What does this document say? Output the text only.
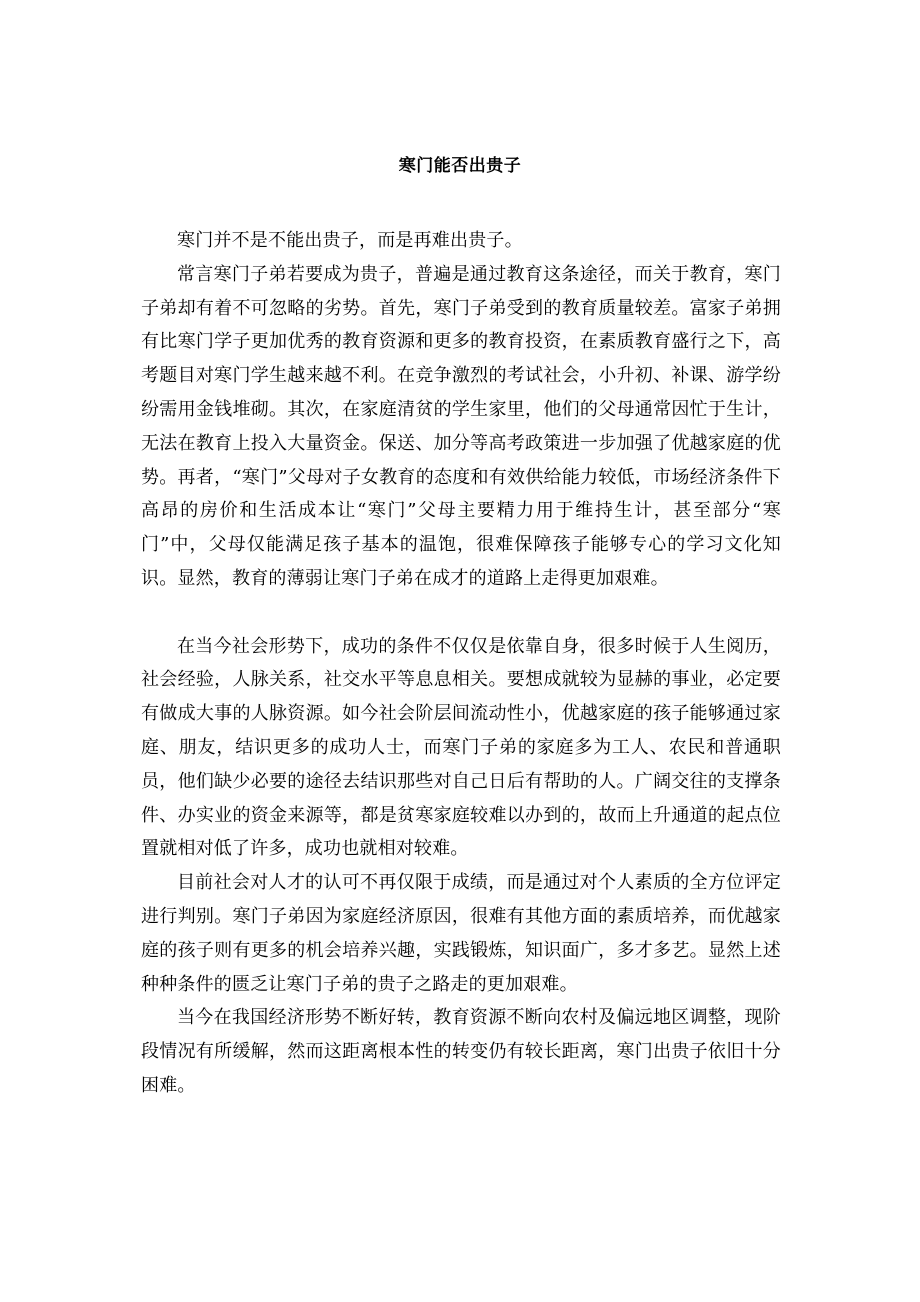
寒门能否出贵子

寒门并不是不能出贵子，而是再难出贵子。

常言寒门子弟若要成为贵子，普遍是通过教育这条途径，而关于教育，寒门子弟却有着不可忽略的劣势。首先，寒门子弟受到的教育质量较差。富家子弟拥有比寒门学子更加优秀的教育资源和更多的教育投资，在素质教育盛行之下，高考题目对寒门学生越来越不利。在竞争激烈的考试社会，小升初、补课、游学纷纷需用金钱堆砌。其次，在家庭清贫的学生家里，他们的父母通常因忙于生计，无法在教育上投入大量资金。保送、加分等高考政策进一步加强了优越家庭的优势。再者，“寒门”父母对子女教育的态度和有效供给能力较低，市场经济条件下高昂的房价和生活成本让“寒门”父母主要精力用于维持生计，甚至部分“寒门”中，父母仅能满足孩子基本的温饱，很难保障孩子能够专心的学习文化知识。显然，教育的薄弱让寒门子弟在成才的道路上走得更加艰难。

在当今社会形势下，成功的条件不仅仅是依靠自身，很多时候于人生阅历，社会经验，人脉关系，社交水平等息息相关。要想成就较为显赫的事业，必定要有做成大事的人脉资源。如今社会阶层间流动性小，优越家庭的孩子能够通过家庭、朋友，结识更多的成功人士，而寒门子弟的家庭多为工人、农民和普通职员，他们缺少必要的途径去结识那些对自己日后有帮助的人。广阔交往的支撑条件、办实业的资金来源等，都是贫寒家庭较难以办到的，故而上升通道的起点位置就相对低了许多，成功也就相对较难。

目前社会对人才的认可不再仅限于成绩，而是通过对个人素质的全方位评定进行判别。寒门子弟因为家庭经济原因，很难有其他方面的素质培养，而优越家庭的孩子则有更多的机会培养兴趣，实践锻炼，知识面广，多才多艺。显然上述种种条件的匮乏让寒门子弟的贵子之路走的更加艰难。

当今在我国经济形势不断好转，教育资源不断向农村及偏远地区调整，现阶段情况有所缓解，然而这距离根本性的转变仍有较长距离，寒门出贵子依旧十分困难。
